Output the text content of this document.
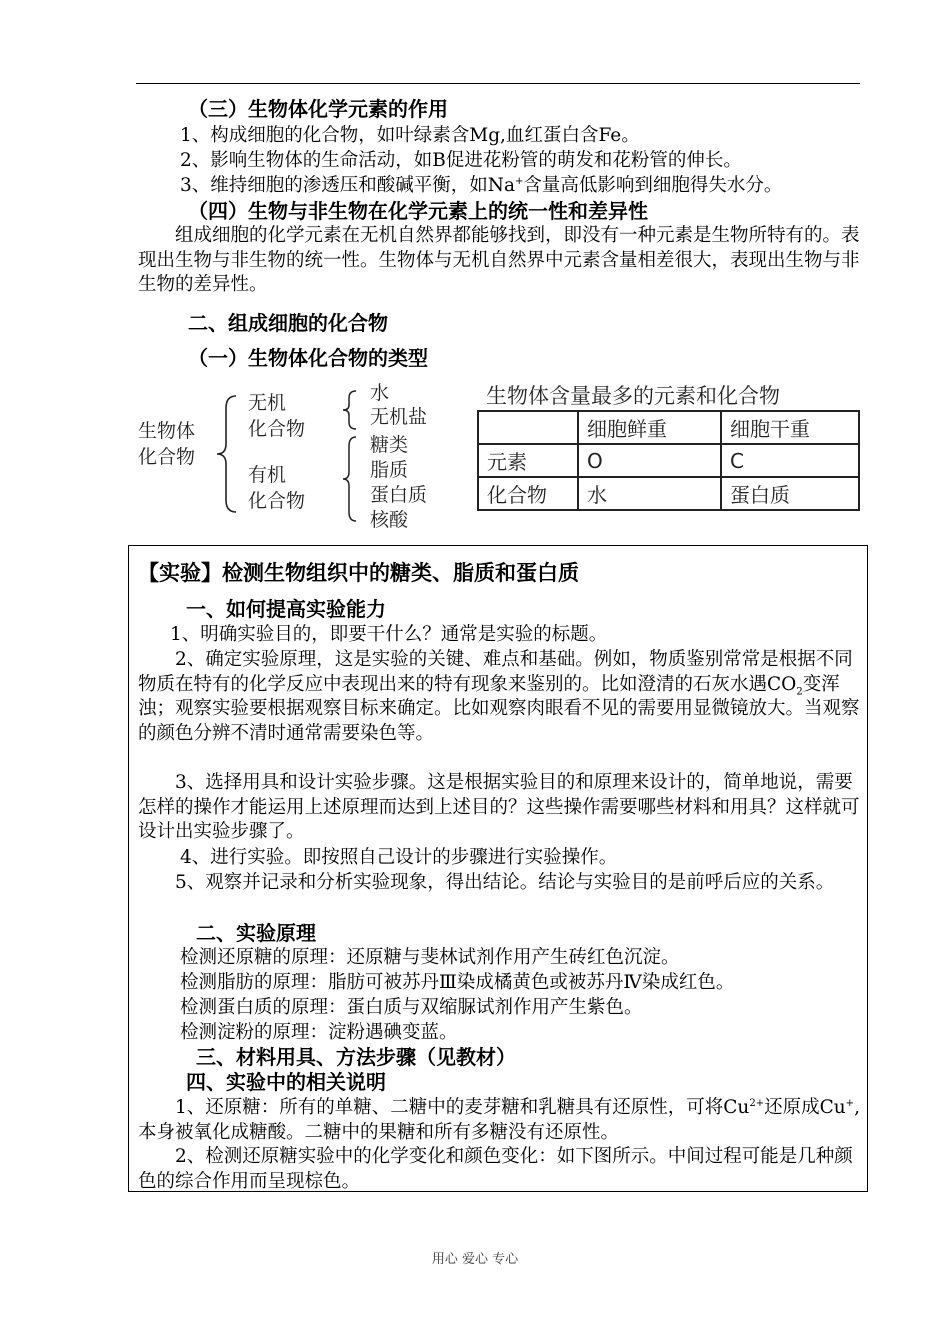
（三）生物体化学元素的作用
1、构成细胞的化合物，如叶绿素含Mg,血红蛋白含Fe。
2、影响生物体的生命活动，如B促进花粉管的萌发和花粉管的伸长。
3、维持细胞的渗透压和酸碱平衡，如Na+含量高低影响到细胞得失水分。
（四）生物与非生物在化学元素上的统一性和差异性
组成细胞的化学元素在无机自然界都能够找到，即没有一种元素是生物所特有的。表现出生物与非生物的统一性。生物体与无机自然界中元素含量相差很大，表现出生物与非生物的差异性。
二、组成细胞的化合物
（一）生物体化合物的类型
生物体
化合物
无机
化合物
水
无机盐
有机
化合物
糖类
脂质
蛋白质
核酸
生物体含量最多的元素和化合物
	细胞鲜重	细胞干重
元素	O	C
化合物	水	蛋白质
【实验】检测生物组织中的糖类、脂质和蛋白质
一、如何提高实验能力
1、明确实验目的，即要干什么？通常是实验的标题。
2、确定实验原理，这是实验的关键、难点和基础。例如，物质鉴别常常是根据不同物质在特有的化学反应中表现出来的特有现象来鉴别的。比如澄清的石灰水遇$CO_2$变浑浊；观察实验要根据观察目标来确定。比如观察肉眼看不见的需要用显微镜放大。当观察的颜色分辨不清时通常需要染色等。
3、选择用具和设计实验步骤。这是根据实验目的和原理来设计的，简单地说，需要怎样的操作才能运用上述原理而达到上述目的？这些操作需要哪些材料和用具？这样就可设计出实验步骤了。
4、进行实验。即按照自己设计的步骤进行实验操作。
5、观察并记录和分析实验现象，得出结论。结论与实验目的是前呼后应的关系。
二、实验原理
检测还原糖的原理：还原糖与斐林试剂作用产生砖红色沉淀。
检测脂肪的原理：脂肪可被苏丹Ⅲ染成橘黄色或被苏丹Ⅳ染成红色。
检测蛋白质的原理：蛋白质与双缩脲试剂作用产生紫色。
检测淀粉的原理：淀粉遇碘变蓝。
三、材料用具、方法步骤（见教材）
四、实验中的相关说明
1、还原糖：所有的单糖、二糖中的麦芽糖和乳糖具有还原性，可将$Cu^{2+}$还原成Cu+,本身被氧化成糖酸。二糖中的果糖和所有多糖没有还原性。
2、检测还原糖实验中的化学变化和颜色变化：如下图所示。中间过程可能是几种颜色的综合作用而呈现棕色。
用心 爱心 专心
